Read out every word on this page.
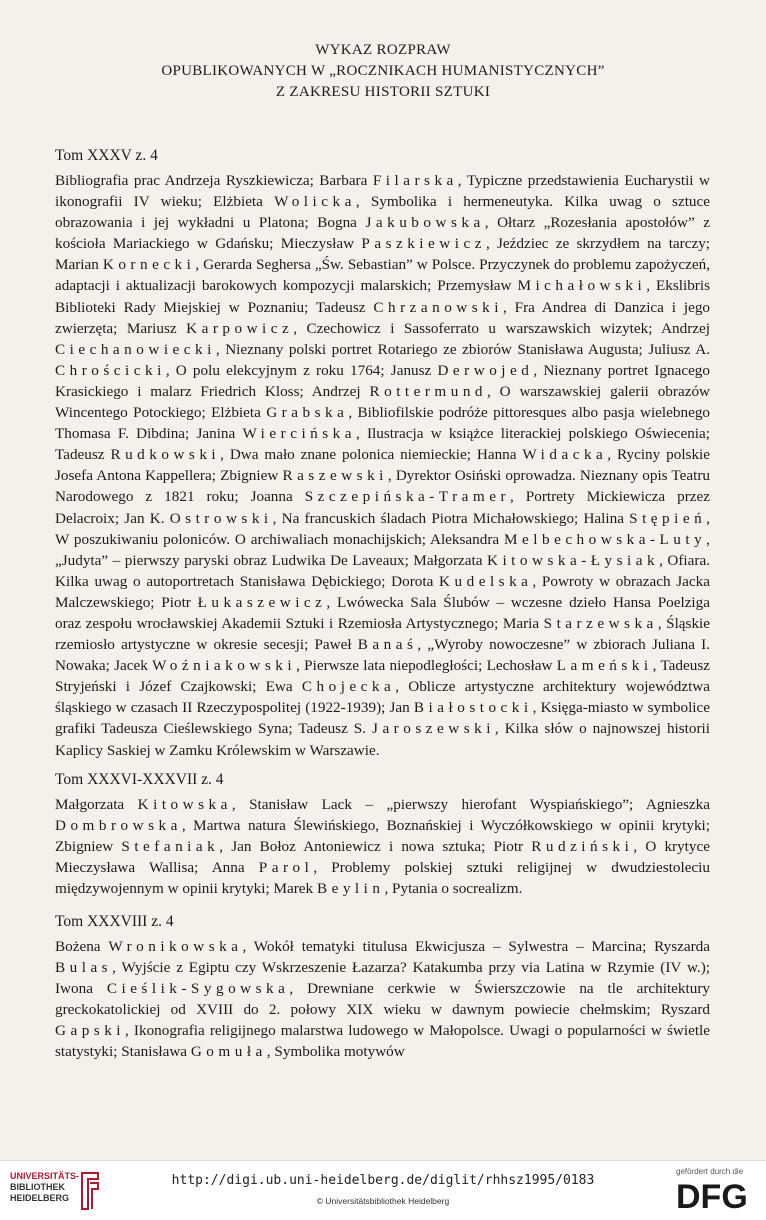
WYKAZ ROZPRAW
OPUBLIKOWANYCH W „ROCZNIKACH HUMANISTYCZNYCH”
Z ZAKRESU HISTORII SZTUKI
Tom XXXV z. 4
Bibliografia prac Andrzeja Ryszkiewicza; Barbara Filarska, Typiczne przedstawienia Eucharystii w ikonografii IV wieku; Elżbieta Wolicka, Symbolika i hermeneutyka. Kilka uwag o sztuce obrazowania i jej wykładni u Platona; Bogna Jakubowska, Ołtarz „Rozesłania apostołów” z kościoła Mariackiego w Gdańsku; Mieczysław Paszkiewicz, Jeździec ze skrzydłem na tarczy; Marian Kornecki, Gerarda Seghersa „Św. Sebastian” w Polsce. Przyczynek do problemu zapożyczeń, adaptacji i aktualizacji barokowych kompozycji malarskich; Przemysław Michałowski, Ekslibris Biblioteki Rady Miejskiej w Poznaniu; Tadeusz Chrzanowski, Fra Andrea di Danzica i jego zwierzęta; Mariusz Karpowicz, Czechowicz i Sassoferrato u warszawskich wizytek; Andrzej Ciechanowiecki, Nieznany polski portret Rotariego ze zbiorów Stanisława Augusta; Juliusz A. Chrościcki, O polu elekcyjnym z roku 1764; Janusz Derwojed, Nieznany portret Ignacego Krasickiego i malarz Friedrich Kloss; Andrzej Rottermund, O warszawskiej galerii obrazów Wincentego Potockiego; Elżbieta Grabska, Bibliofilskie podróże pittoresques albo pasja wielebnego Thomasa F. Dibdina; Janina Wiercińska, Ilustracja w książce literackiej polskiego Oświecenia; Tadeusz Rudkowski, Dwa mało znane polonica niemieckie; Hanna Widacka, Ryciny polskie Josefa Antona Kappellera; Zbigniew Raszewski, Dyrektor Osiński oprowadza. Nieznany opis Teatru Narodowego z 1821 roku; Joanna Szczepińska-Tramer, Portrety Mickiewicza przez Delacroix; Jan K. Ostrowski, Na francuskich śladach Piotra Michałowskiego; Halina Stępień, W poszukiwaniu poloniców. O archiwaliach monachijskich; Aleksandra Melbechowska-Luty, „Judyta” – pierwszy paryski obraz Ludwika De Laveaux; Małgorzata Kitowska-Łysiak, Ofiara. Kilka uwag o autoportretach Stanisława Dębickiego; Dorota Kudelska, Powroty w obrazach Jacka Malczewskiego; Piotr Łukaszewicz, Lwówecka Sala Ślubów – wczesne dzieło Hansa Poelziga oraz zespołu wrocławskiej Akademii Sztuki i Rzemiosła Artystycznego; Maria Starzewska, Śląskie rzemiosło artystyczne w okresie secesji; Paweł Banaś, „Wyroby nowoczesne” w zbiorach Juliana I. Nowaka; Jacek Woźniakowski, Pierwsze lata niepodległości; Lechosław Lameński, Tadeusz Stryjeński i Józef Czajkowski; Ewa Chojecka, Oblicze artystyczne architektury województwa śląskiego w czasach II Rzeczypospolitej (1922-1939); Jan Białostocki, Księga-miasto w symbolice grafiki Tadeusza Cieślewskiego Syna; Tadeusz S. Jaroszewski, Kilka słów o najnowszej historii Kaplicy Saskiej w Zamku Królewskim w Warszawie.
Tom XXXVI-XXXVII z. 4
Małgorzata Kitowska, Stanisław Lack – „pierwszy hierofant Wyspiańskiego”; Agnieszka Dombrowska, Martwa natura Ślewińskiego, Boznańskiej i Wyczółkowskiego w opinii krytyki; Zbigniew Stefaniak, Jan Bołoz Antoniewicz i nowa sztuka; Piotr Rudziński, O krytyce Mieczysława Wallisa; Anna Parol, Problemy polskiej sztuki religijnej w dwudziestoleciu międzywojennym w opinii krytyki; Marek Beylin, Pytania o socrealizm.
Tom XXXVIII z. 4
Bożena Wronikowska, Wokół tematyki titulusa Ekwicjusza – Sylwestra – Marcina; Ryszarda Bulas, Wyjście z Egiptu czy Wskrzeszenie Łazarza? Katakumba przy via Latina w Rzymie (IV w.); Iwona Cieślik-Sygowska, Drewniane cerkwie w Świerszczowie na tle architektury greckokatolickiej od XVIII do 2. połowy XIX wieku w dawnym powiecie chełmskim; Ryszard Gapski, Ikonografia religijnego malarstwa ludowego w Małopolsce. Uwagi o popularności w świetle statystyki; Stanisława Gomuła, Symbolika motywów
UNIVERSITÄTS-
BIBLIOTHEK
HEIDELBERG
http://digi.ub.uni-heidelberg.de/diglit/rhhsz1995/0183
© Universitätsbibliothek Heidelberg
gefördert durch die
DFG
